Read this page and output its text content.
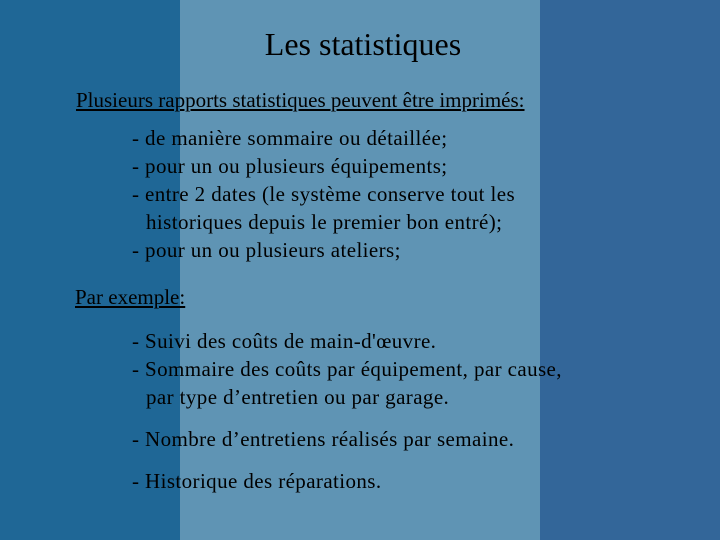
Les statistiques
Plusieurs rapports statistiques peuvent être imprimés:
- de manière sommaire ou détaillée;
- pour un ou plusieurs équipements;
- entre 2 dates (le système conserve tout les
historiques depuis le premier bon entré);
- pour un ou plusieurs ateliers;
Par exemple:
- Suivi des coûts de main-d'œuvre.
- Sommaire des coûts par équipement, par cause,
par type d’entretien ou par garage.
- Nombre d’entretiens réalisés par semaine.
- Historique des réparations.
